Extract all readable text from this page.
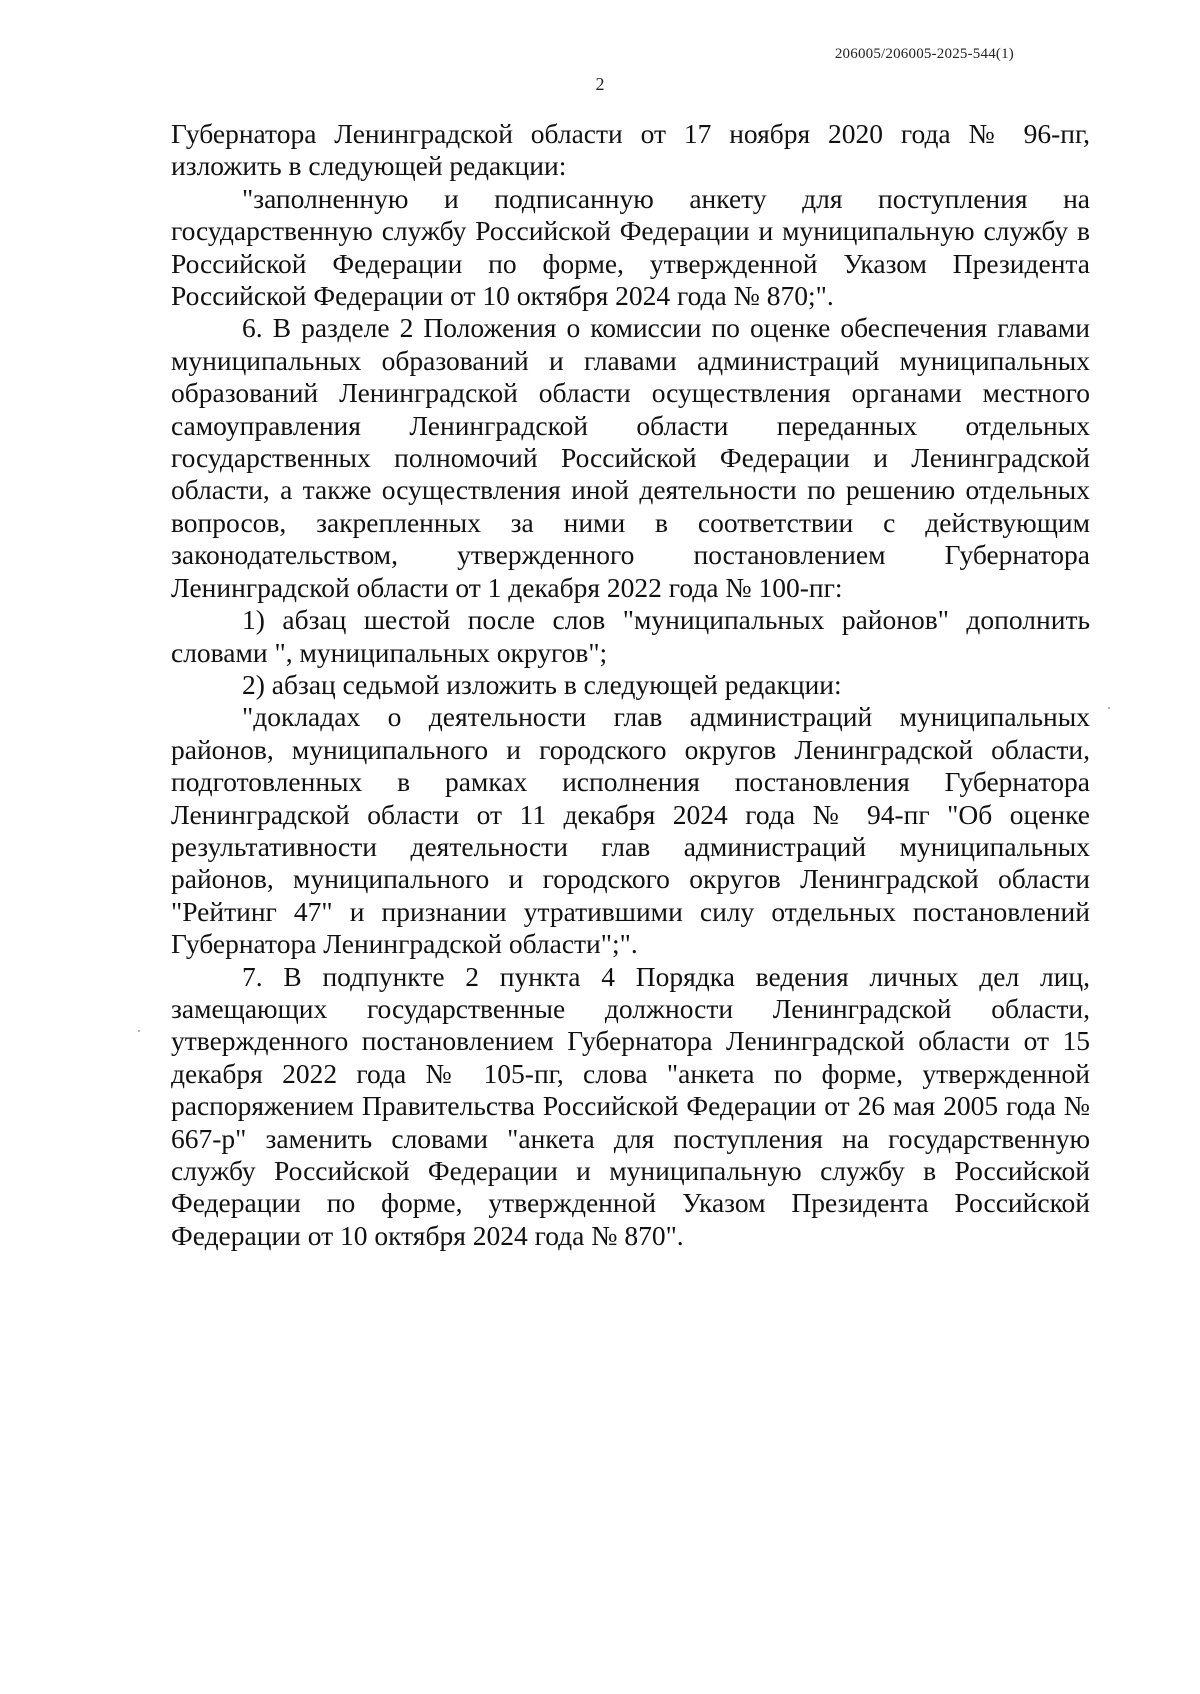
206005/206005-2025-544(1)
2

Губернатора Ленинградской области от 17 ноября 2020 года № 96-пг, изложить в следующей редакции:

"заполненную и подписанную анкету для поступления на государственную службу Российской Федерации и муниципальную службу в Российской Федерации по форме, утвержденной Указом Президента Российской Федерации от 10 октября 2024 года № 870;".

6. В разделе 2 Положения о комиссии по оценке обеспечения главами муниципальных образований и главами администраций муниципальных образований Ленинградской области осуществления органами местного самоуправления Ленинградской области переданных отдельных государственных полномочий Российской Федерации и Ленинградской области, а также осуществления иной деятельности по решению отдельных вопросов, закрепленных за ними в соответствии с действующим законодательством, утвержденного постановлением Губернатора Ленинградской области от 1 декабря 2022 года № 100-пг:

1) абзац шестой после слов "муниципальных районов" дополнить словами ", муниципальных округов";

2) абзац седьмой изложить в следующей редакции:

"докладах о деятельности глав администраций муниципальных районов, муниципального и городского округов Ленинградской области, подготовленных в рамках исполнения постановления Губернатора Ленинградской области от 11 декабря 2024 года № 94-пг "Об оценке результативности деятельности глав администраций муниципальных районов, муниципального и городского округов Ленинградской области "Рейтинг 47" и признании утратившими силу отдельных постановлений Губернатора Ленинградской области";".

7. В подпункте 2 пункта 4 Порядка ведения личных дел лиц, замещающих государственные должности Ленинградской области, утвержденного постановлением Губернатора Ленинградской области от 15 декабря 2022 года № 105-пг, слова "анкета по форме, утвержденной распоряжением Правительства Российской Федерации от 26 мая 2005 года № 667-р" заменить словами "анкета для поступления на государственную службу Российской Федерации и муниципальную службу в Российской Федерации по форме, утвержденной Указом Президента Российской Федерации от 10 октября 2024 года № 870".
